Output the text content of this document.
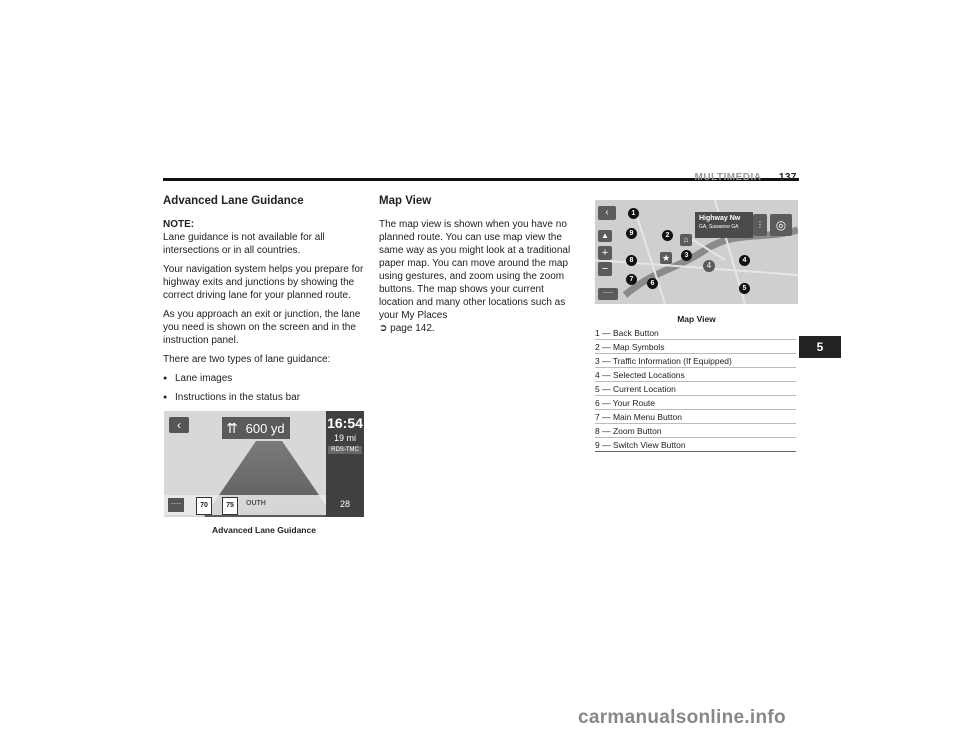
MULTIMEDIA 137
Advanced Lane Guidance

NOTE:
Lane guidance is not available for all intersections or in all countries.

Your navigation system helps you prepare for highway exits and junctions by showing the correct driving lane for your planned route.

As you approach an exit or junction, the lane you need is shown on the screen and in the instruction panel.

There are two types of lane guidance:

● Lane images
● Instructions in the status bar
‹	⇈ 600 yd	16:54
19 mi
RDS-TMC
28
····	70	75	OUTH
Advanced Lane Guidance
Map View

The map view is shown when you have no planned route. You can use map view the same way as you might look at a traditional paper map. You can move around the map using gestures, and zoom using the zoom buttons. The map shows your current location and many other locations such as your My Places
➲ page 142.

‹
▲
+
−
····
Highway Nw
GA, Suwanee GA	⋮ ◎
★
⌂
4
1
2
3
4
5
6
7
8
9
Map View
1 — Back Button
2 — Map Symbols
3 — Traffic Information (If Equipped)
4 — Selected Locations
5 — Current Location
6 — Your Route
7 — Main Menu Button
8 — Zoom Button
9 — Switch View Button
5
carmanualsonline.info
